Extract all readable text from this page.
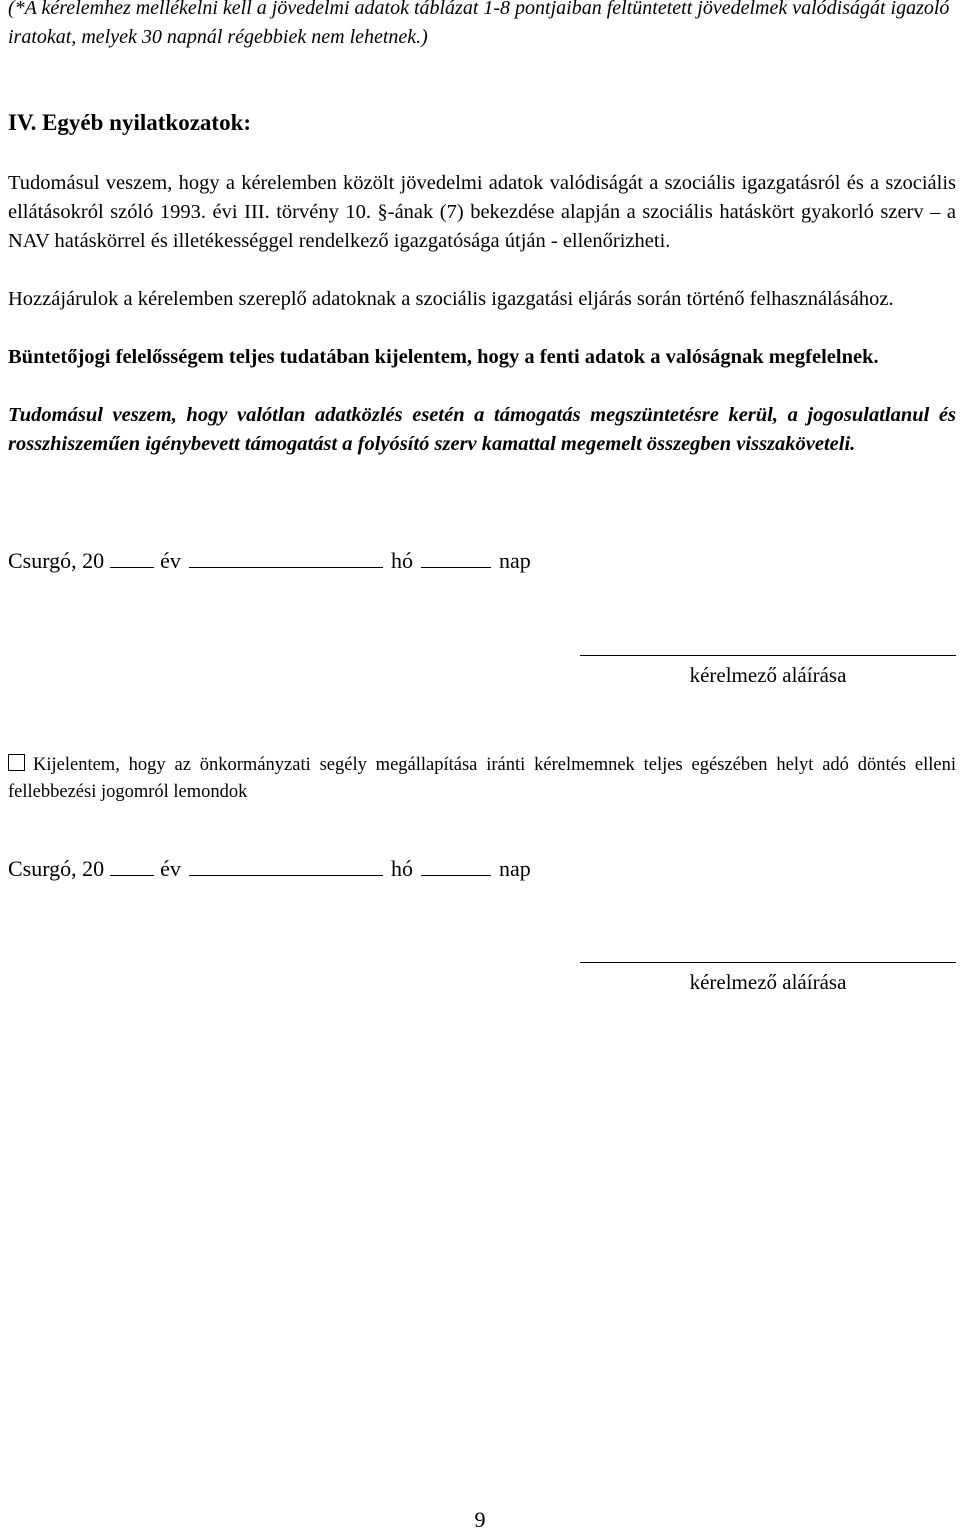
(*A kérelemhez mellékelni kell a jövedelmi adatok táblázat 1-8 pontjaiban feltüntetett jövedelmek valódiságát igazoló iratokat, melyek 30 napnál régebbiek nem lehetnek.)
IV. Egyéb nyilatkozatok:

Tudomásul veszem, hogy a kérelemben közölt jövedelmi adatok valódiságát a szociális igazgatásról és a szociális ellátásokról szóló 1993. évi III. törvény 10. §-ának (7) bekezdése alapján a szociális hatáskört gyakorló szerv – a NAV hatáskörrel és illetékességgel rendelkező igazgatósága útján - ellenőrizheti.

Hozzájárulok a kérelemben szereplő adatoknak a szociális igazgatási eljárás során történő felhasználásához.

Büntetőjogi felelősségem teljes tudatában kijelentem, hogy a fenti adatok a valóságnak megfelelnek.

Tudomásul veszem, hogy valótlan adatközlés esetén a támogatás megszüntetésre kerül, a jogosulatlanul és rosszhiszeműen igénybevett támogatást a folyósító szerv kamattal megemelt összegben visszaköveteli.

Csurgó, 20	év	hó	nap
kérelmező aláírása

Kijelentem, hogy az önkormányzati segély megállapítása iránti kérelmemnek teljes egészében helyt adó döntés elleni fellebbezési jogomról lemondok

Csurgó, 20	év	hó	nap
kérelmező aláírása
9
